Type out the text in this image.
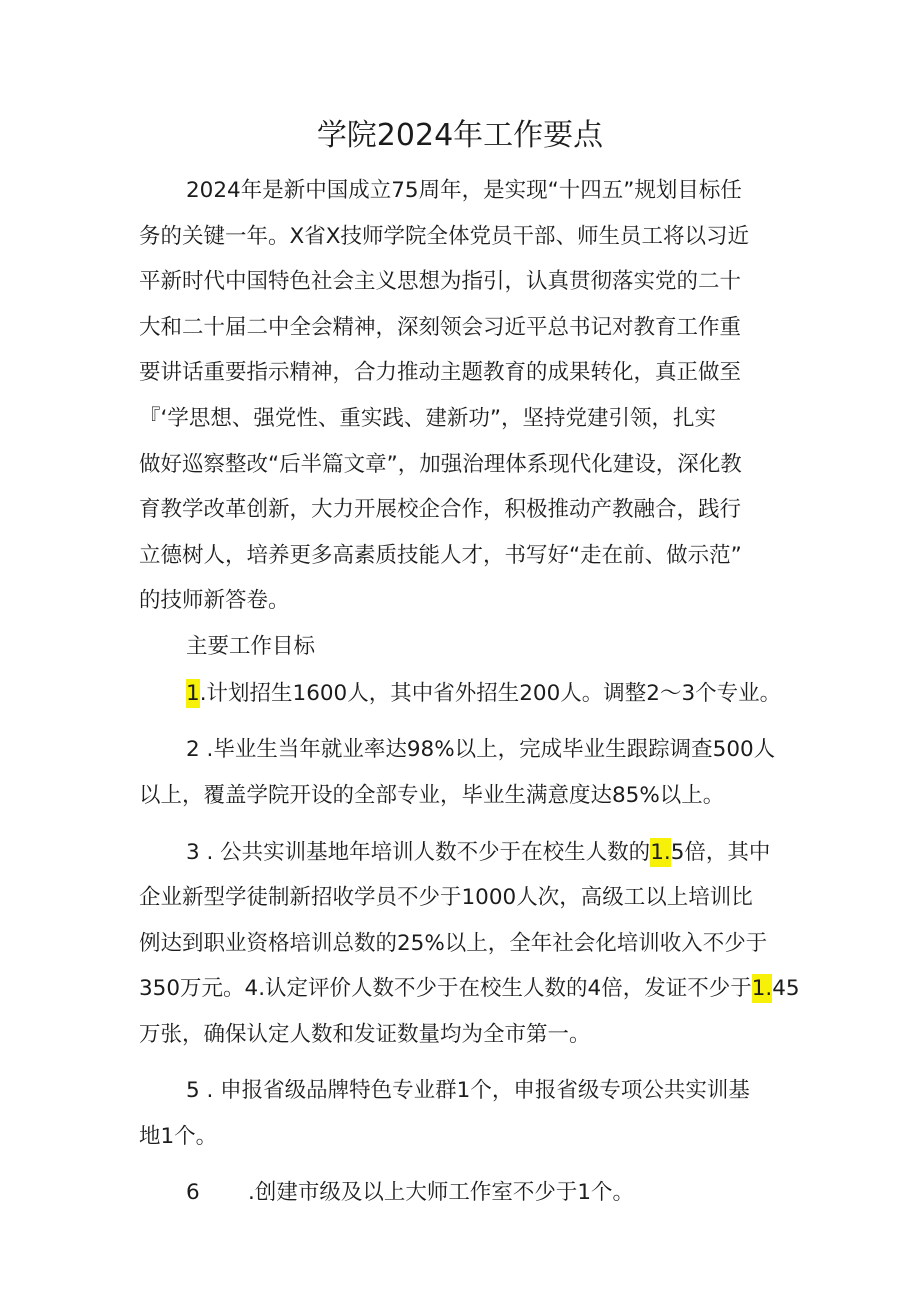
学院2024年工作要点
2024年是新中国成立75周年，是实现“十四五”规划目标任
务的关键一年。X省X技师学院全体党员干部、师生员工将以习近
平新时代中国特色社会主义思想为指引，认真贯彻落实党的二十
大和二十届二中全会精神，深刻领会习近平总书记对教育工作重
要讲话重要指示精神，合力推动主题教育的成果转化，真正做至
『‘学思想、强党性、重实践、建新功”，坚持党建引领，扎实
做好巡察整改“后半篇文章”，加强治理体系现代化建设，深化教
育教学改革创新，大力开展校企合作，积极推动产教融合，践行
立德树人，培养更多高素质技能人才，书写好“走在前、做示范”
的技师新答卷。
主要工作目标
1.计划招生1600人，其中省外招生200人。调整2〜3个专业。
2 .毕业生当年就业率达98%以上，完成毕业生跟踪调查500人
以上，覆盖学院开设的全部专业，毕业生满意度达85%以上。
3 . 公共实训基地年培训人数不少于在校生人数的1.5倍，其中
企业新型学徒制新招收学员不少于1000人次，高级工以上培训比
例达到职业资格培训总数的25%以上，全年社会化培训收入不少于
350万元。4.认定评价人数不少于在校生人数的4倍，发证不少于1.45
万张，确保认定人数和发证数量均为全市第一。
5 . 申报省级品牌特色专业群1个，申报省级专项公共实训基
地1个。
6 .创建市级及以上大师工作室不少于1个。
